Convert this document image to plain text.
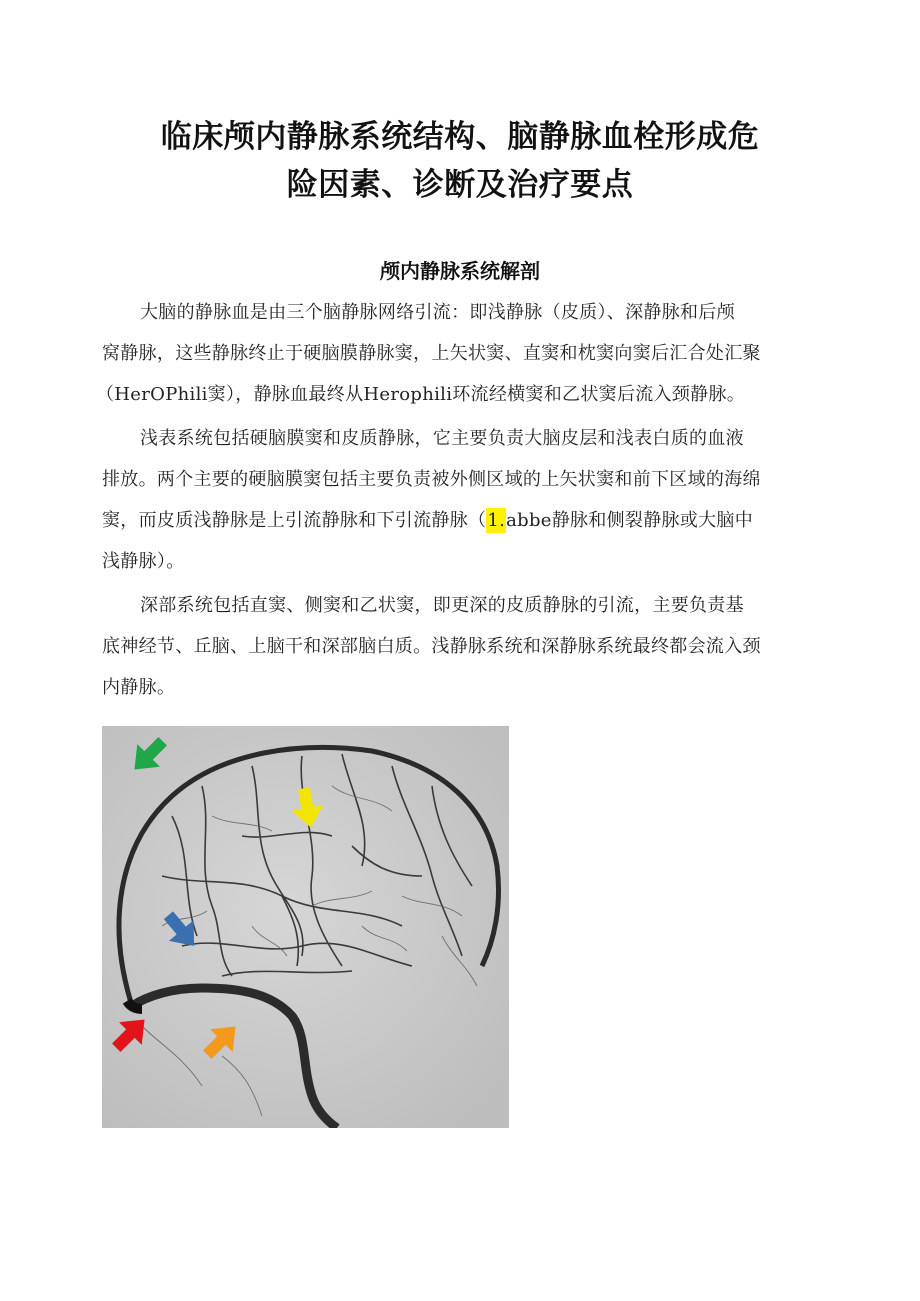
临床颅内静脉系统结构、脑静脉血栓形成危
险因素、诊断及治疗要点
颅内静脉系统解剖
大脑的静脉血是由三个脑静脉网络引流：即浅静脉（皮质）、深静脉和后颅
窝静脉，这些静脉终止于硬脑膜静脉窦，上矢状窦、直窦和枕窦向窦后汇合处汇聚
（HerOPhili窦），静脉血最终从Herophili环流经横窦和乙状窦后流入颈静脉。
浅表系统包括硬脑膜窦和皮质静脉，它主要负责大脑皮层和浅表白质的血液
排放。两个主要的硬脑膜窦包括主要负责被外侧区域的上矢状窦和前下区域的海绵
窦，而皮质浅静脉是上引流静脉和下引流静脉（1.abbe静脉和侧裂静脉或大脑中
浅静脉）。
深部系统包括直窦、侧窦和乙状窦，即更深的皮质静脉的引流，主要负责基
底神经节、丘脑、上脑干和深部脑白质。浅静脉系统和深静脉系统最终都会流入颈
内静脉。
